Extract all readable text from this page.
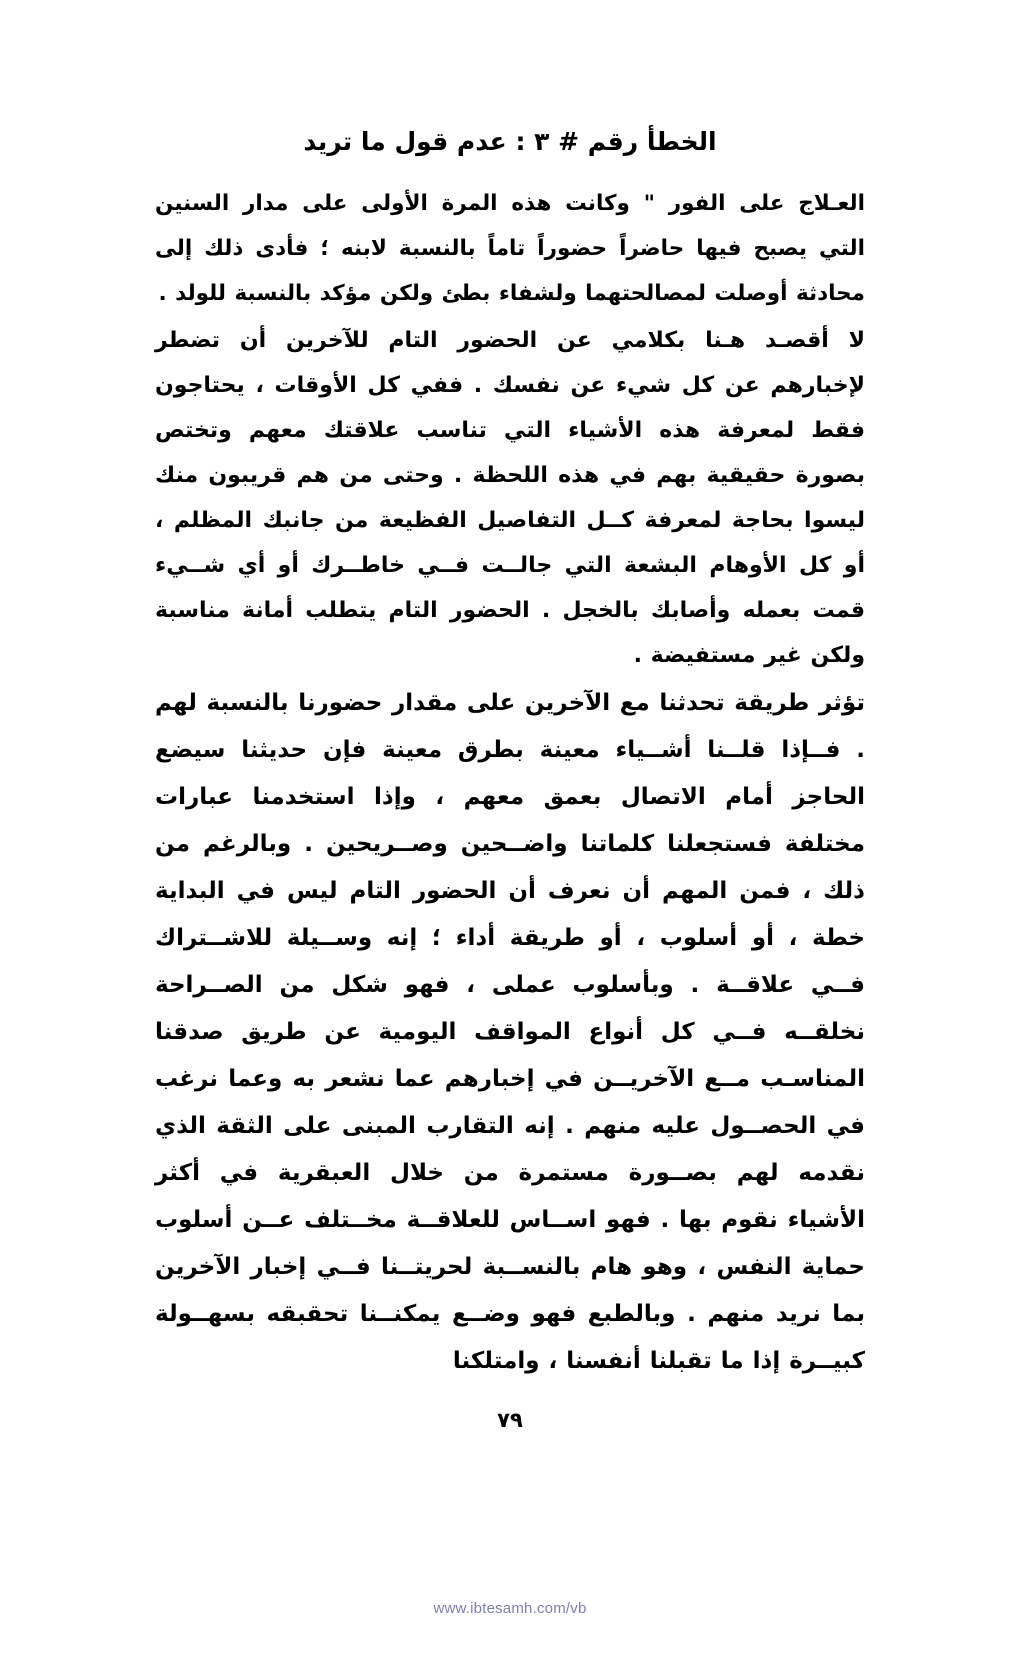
الخطأ رقم # ٣ : عدم قول ما تريد

العـلاج على الفور " وكانت هذه المرة الأولى على مدار السنين التي يصبح فيها حاضراً حضوراً تاماً بالنسبة لابنه ؛ فأدى ذلك إلى محادثة أوصلت لمصالحتهما ولشفاء بطئ ولكن مؤكد بالنسبة للولد .

لا أقصـد هـنا بكلامي عن الحضور التام للآخرين أن تضطر لإخبارهم عن كل شيء عن نفسك . ففي كل الأوقات ، يحتاجون فقط لمعرفة هذه الأشياء التي تناسب علاقتك معهم وتختص بصورة حقيقية بهم في هذه اللحظة . وحتى من هم قريبون منك ليسوا بحاجة لمعرفة كــل التفاصيل الفظيعة من جانبك المظلم ، أو كل الأوهام البشعة التي جالــت فــي خاطــرك أو أي شــيء قمت بعمله وأصابك بالخجل . الحضور التام يتطلب أمانة مناسبة ولكن غير مستفيضة .

تؤثر طريقة تحدثنا مع الآخرين على مقدار حضورنا بالنسبة لهم . فــإذا قلــنا أشــياء معينة بطرق معينة فإن حديثنا سيضع الحاجز أمام الاتصال بعمق معهم ، وإذا استخدمنا عبارات مختلفة فستجعلنا كلماتنا واضــحين وصــريحين . وبالرغم من ذلك ، فمن المهم أن نعرف أن الحضور التام ليس في البداية خطة ، أو أسلوب ، أو طريقة أداء ؛ إنه وســيلة للاشــتراك فــي علاقــة . وبأسلوب عملى ، فهو شكل من الصــراحة نخلقــه فــي كل أنواع المواقف اليومية عن طريق صدقنا المناسـب مــع الآخريــن في إخبارهم عما نشعر به وعما نرغب في الحصــول عليه منهم . إنه التقارب المبنى على الثقة الذي نقدمه لهم بصــورة مستمرة من خلال العبقرية في أكثر الأشياء نقوم بها . فهو اســاس للعلاقــة مخــتلف عــن أسلوب حماية النفس ، وهو هام بالنســبة لحريتــنا فــي إخبار الآخرين بما نريد منهم . وبالطبع فهو وضــع يمكنــنا تحقبقه بسهــولة كبيــرة إذا ما تقبلنا أنفسنا ، وامتلكنا

٧٩
www.ibtesamh.com/vb
